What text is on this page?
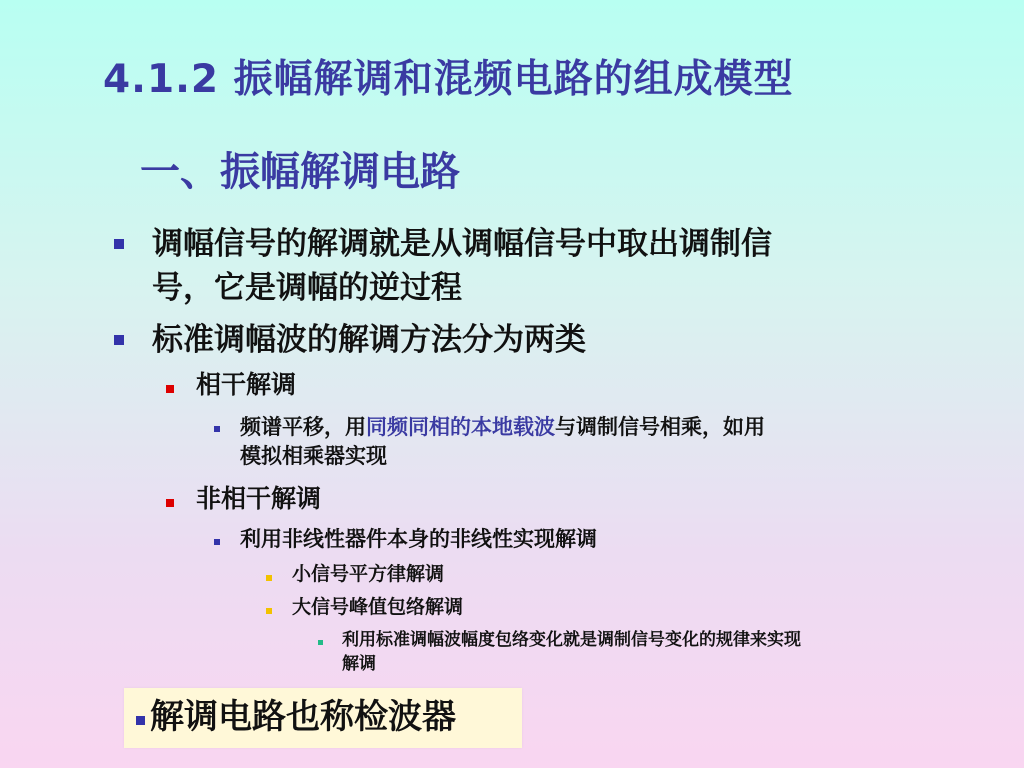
4.1.2 振幅解调和混频电路的组成模型
一、振幅解调电路
调幅信号的解调就是从调幅信号中取出调制信
号，它是调幅的逆过程
标准调幅波的解调方法分为两类
相干解调
频谱平移，用同频同相的本地载波与调制信号相乘，如用
模拟相乘器实现
非相干解调
利用非线性器件本身的非线性实现解调
小信号平方律解调
大信号峰值包络解调
利用标准调幅波幅度包络变化就是调制信号变化的规律来实现
解调
解调电路也称检波器
